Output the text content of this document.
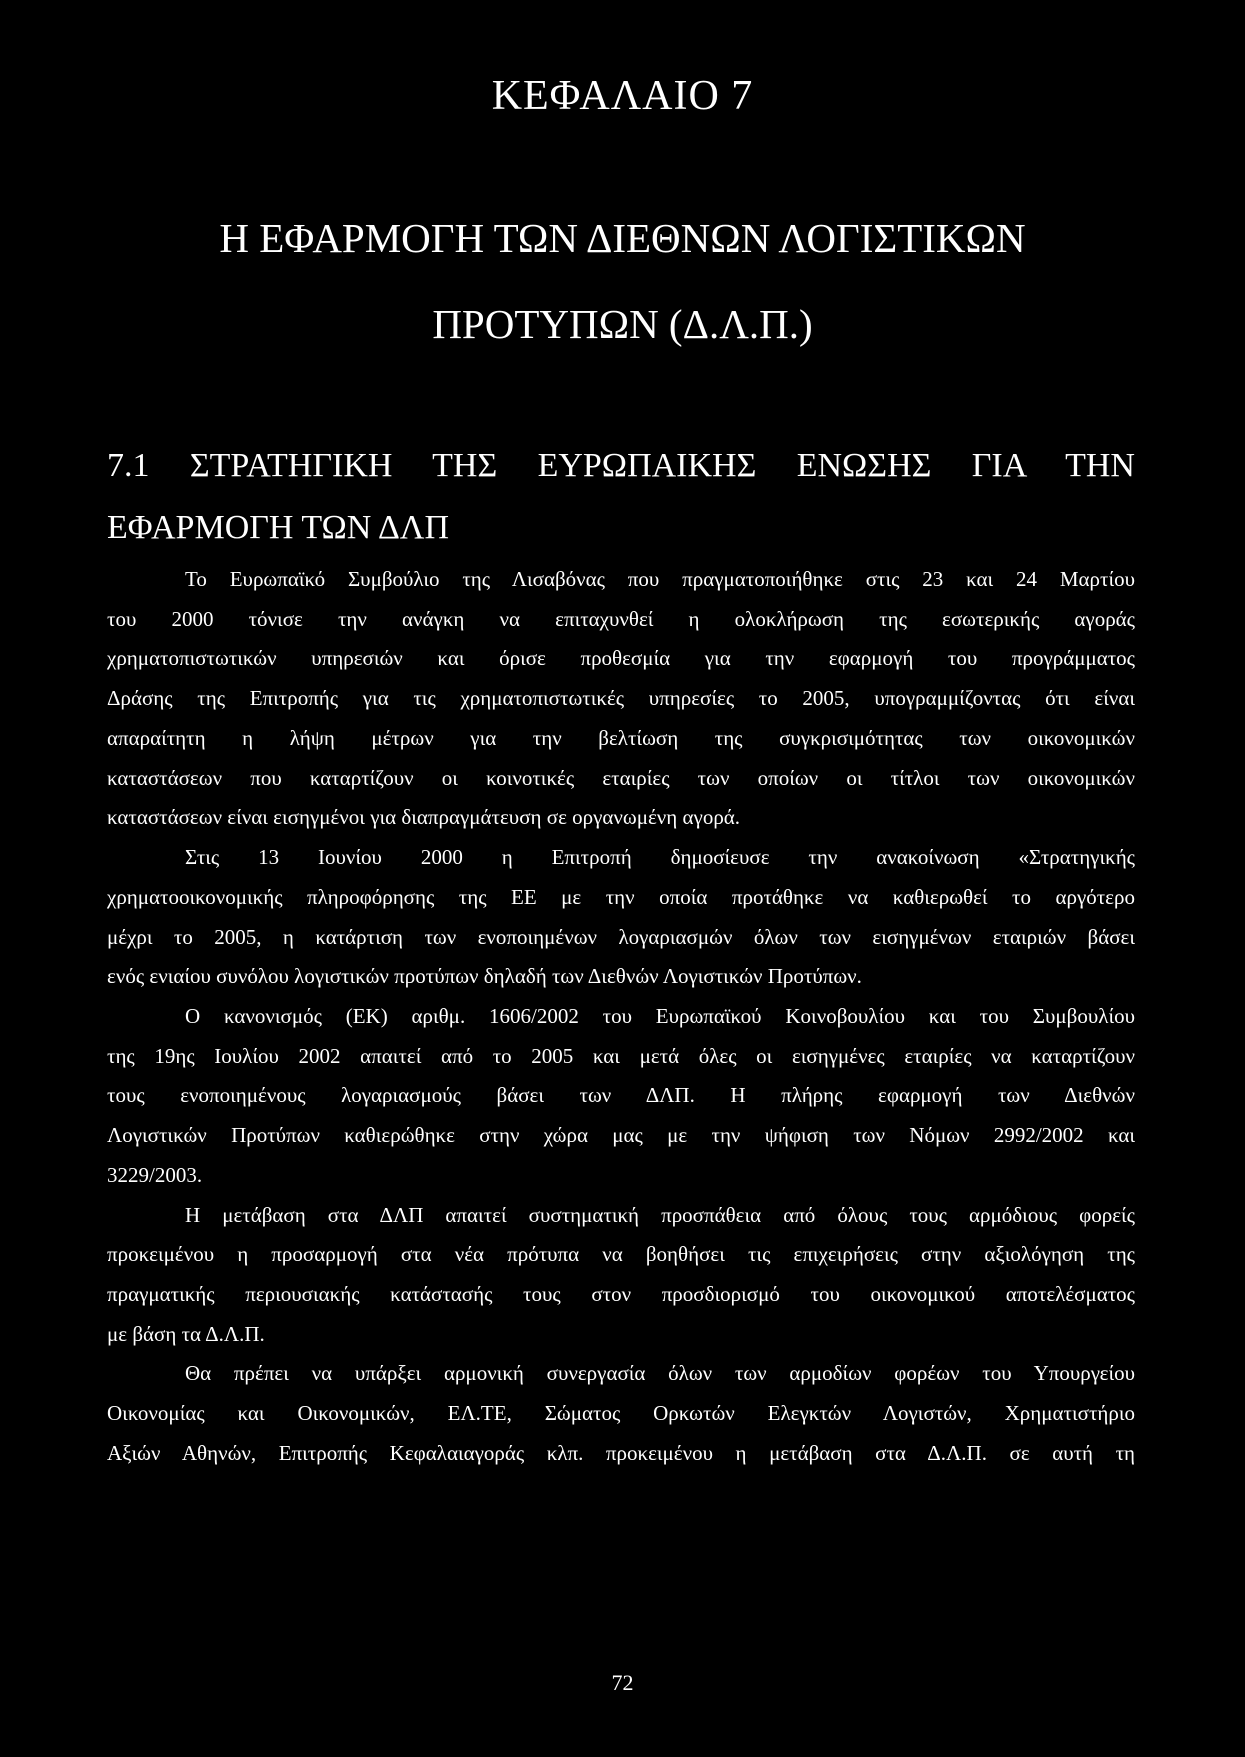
ΚΕΦΑΛΑΙΟ 7
Η ΕΦΑΡΜΟΓΗ ΤΩΝ ΔΙΕΘΝΩΝ ΛΟΓΙΣΤΙΚΩΝ
ΠΡΟΤΥΠΩΝ (Δ.Λ.Π.)
7.1 ΣΤΡΑΤΗΓΙΚΗ ΤΗΣ ΕΥΡΩΠΑΙΚΗΣ ΕΝΩΣΗΣ ΓΙΑ ΤΗΝ
ΕΦΑΡΜΟΓΗ ΤΩΝ ΔΛΠ
Το Ευρωπαϊκό Συμβούλιο της Λισαβόνας που πραγματοποιήθηκε στις 23 και 24 Μαρτίου
του 2000 τόνισε την ανάγκη να επιταχυνθεί η ολοκλήρωση της εσωτερικής αγοράς
χρηματοπιστωτικών υπηρεσιών και όρισε προθεσμία για την εφαρμογή του προγράμματος
Δράσης της Επιτροπής για τις χρηματοπιστωτικές υπηρεσίες το 2005, υπογραμμίζοντας ότι είναι
απαραίτητη η λήψη μέτρων για την βελτίωση της συγκρισιμότητας των οικονομικών
καταστάσεων που καταρτίζουν οι κοινοτικές εταιρίες των οποίων οι τίτλοι των οικονομικών
καταστάσεων είναι εισηγμένοι για διαπραγμάτευση σε οργανωμένη αγορά.
Στις 13 Ιουνίου 2000 η Επιτροπή δημοσίευσε την ανακοίνωση «Στρατηγικής
χρηματοοικονομικής πληροφόρησης της ΕΕ με την οποία προτάθηκε να καθιερωθεί το αργότερο
μέχρι το 2005, η κατάρτιση των ενοποιημένων λογαριασμών όλων των εισηγμένων εταιριών βάσει
ενός ενιαίου συνόλου λογιστικών προτύπων δηλαδή των Διεθνών Λογιστικών Προτύπων.
Ο κανονισμός (ΕΚ) αριθμ. 1606/2002 του Ευρωπαϊκού Κοινοβουλίου και του Συμβουλίου
της 19ης Ιουλίου 2002 απαιτεί από το 2005 και μετά όλες οι εισηγμένες εταιρίες να καταρτίζουν
τους ενοποιημένους λογαριασμούς βάσει των ΔΛΠ. Η πλήρης εφαρμογή των Διεθνών
Λογιστικών Προτύπων καθιερώθηκε στην χώρα μας με την ψήφιση των Νόμων 2992/2002 και
3229/2003.
Η μετάβαση στα ΔΛΠ απαιτεί συστηματική προσπάθεια από όλους τους αρμόδιους φορείς
προκειμένου η προσαρμογή στα νέα πρότυπα να βοηθήσει τις επιχειρήσεις στην αξιολόγηση της
πραγματικής περιουσιακής κατάστασής τους στον προσδιορισμό του οικονομικού αποτελέσματος
με βάση τα Δ.Λ.Π.
Θα πρέπει να υπάρξει αρμονική συνεργασία όλων των αρμοδίων φορέων του Υπουργείου
Οικονομίας και Οικονομικών, ΕΛ.ΤΕ, Σώματος Ορκωτών Ελεγκτών Λογιστών, Χρηματιστήριο
Αξιών Αθηνών, Επιτροπής Κεφαλαιαγοράς κλπ. προκειμένου η μετάβαση στα Δ.Λ.Π. σε αυτή τη
72
